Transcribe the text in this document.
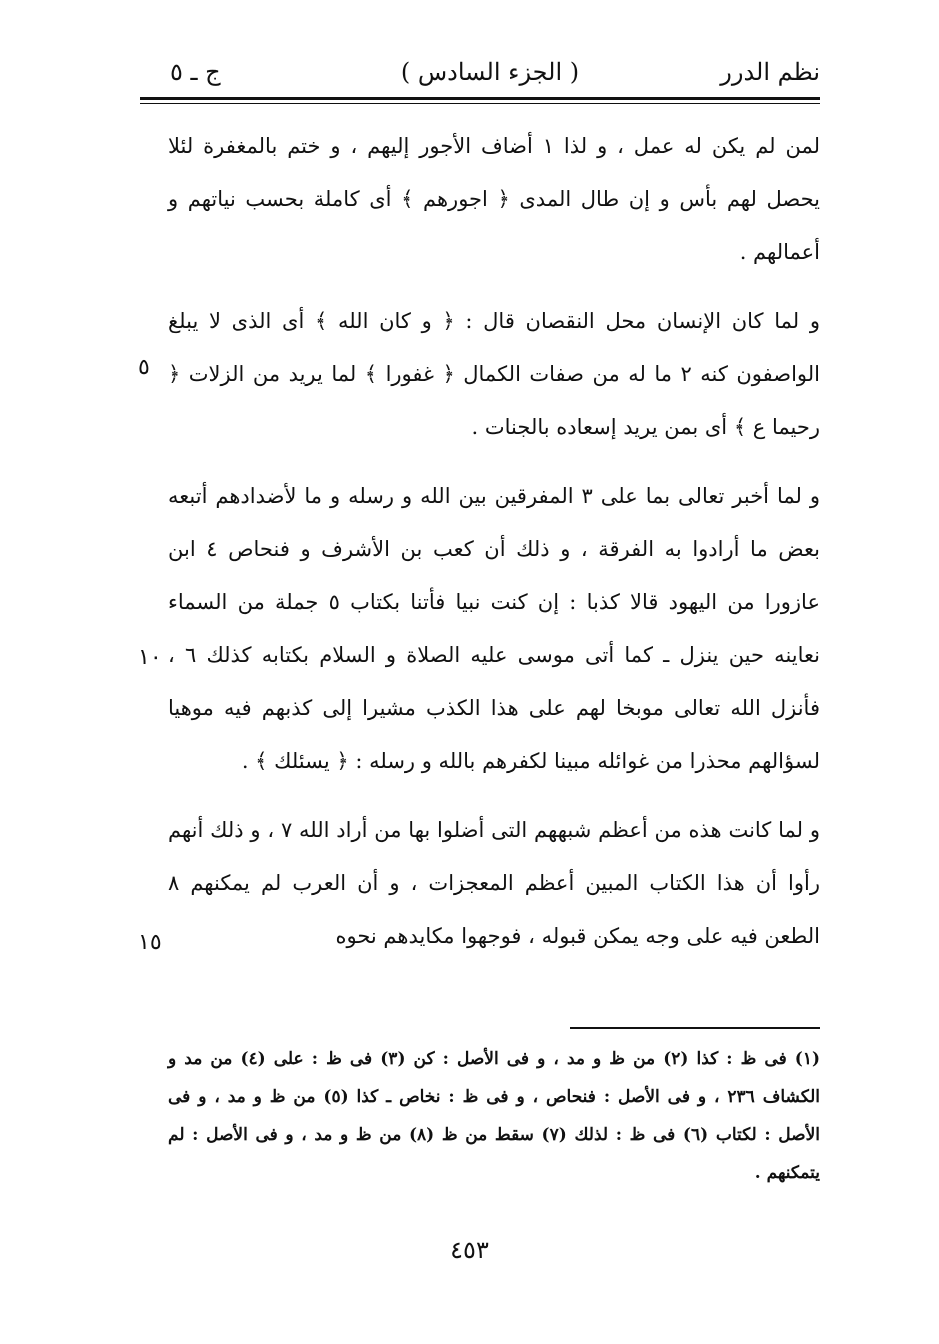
نظم الدرر
( الجزء السادس )
ج ـ ٥

لمن لم يكن له عمل ، و لذا ١ أضاف الأجور إليهم ، و ختم بالمغفرة لئلا يحصل لهم بأس و إن طال المدى ﴿ اجورهم ﴾ أى كاملة بحسب نياتهم و أعمالهم .

و لما كان الإنسان محل النقصان قال : ﴿ و كان الله ﴾ أى الذى لا يبلغ الواصفون كنه ٢ ما له من صفات الكمال ﴿ غفورا ﴾ لما يريد من الزلات ﴿ رحيما ع ﴾ أى بمن يريد إسعاده بالجنات .

و لما أخبر تعالى بما على ٣ المفرقين بين الله و رسله و ما لأضدادهم أتبعه بعض ما أرادوا به الفرقة ، و ذلك أن كعب بن الأشرف و فنحاص ٤ ابن عازورا من اليهود قالا كذبا : إن كنت نبيا فأتنا بكتاب ٥ جملة من السماء نعاينه حين ينزل ـ كما أتى موسى عليه الصلاة و السلام بكتابه كذلك ٦ ، فأنزل الله تعالى موبخا لهم على هذا الكذب مشيرا إلى كذبهم فيه موهيا لسؤالهم محذرا من غوائله مبينا لكفرهم بالله و رسله : ﴿ يسئلك ﴾ .

و لما كانت هذه من أعظم شبههم التى أضلوا بها من أراد الله ٧ ، و ذلك أنهم رأوا أن هذا الكتاب المبين أعظم المعجزات ، و أن العرب لم يمكنهم ٨ الطعن فيه على وجه يمكن قبوله ، فوجهوا مكايدهم نحوه

٥
١٠
١٥

(١) فى ظ : كذا (٢) من ظ و مد ، و فى الأصل : كن (٣) فى ظ : على (٤) من مد و الكشاف ٢٣٦ ، و فى الأصل : فنحاص ، و فى ظ : نخاص ـ كذا (٥) من ظ و مد ، و فى الأصل : لكتاب (٦) فى ظ : لذلك (٧) سقط من ظ (٨) من ظ و مد ، و فى الأصل : لم يتمكنهم .

٤٥٣
